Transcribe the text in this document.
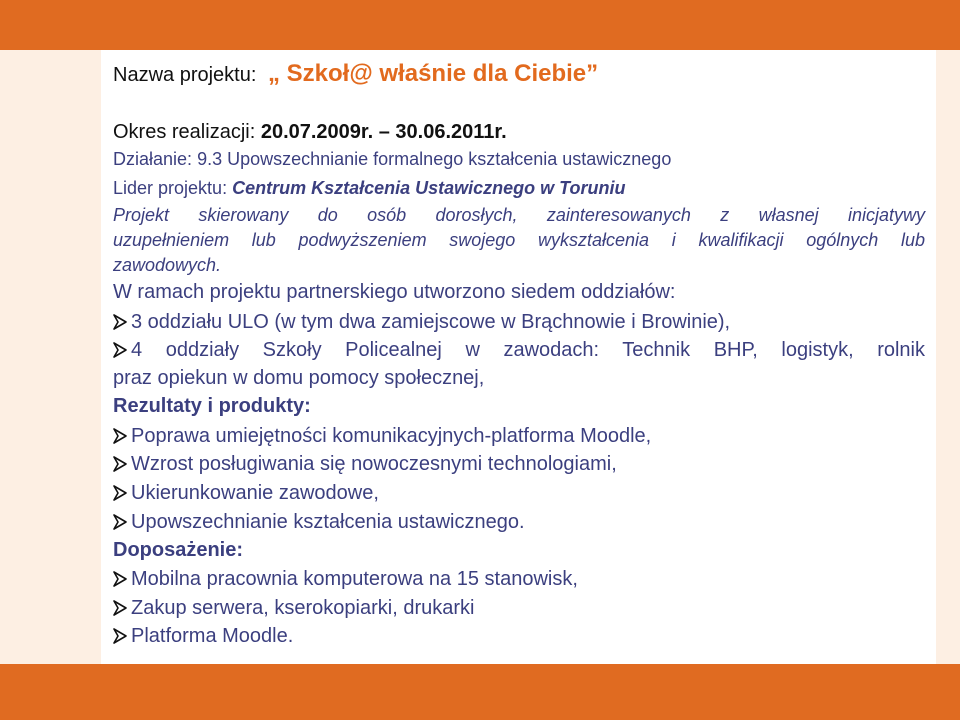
Nazwa projektu: „ Szkoł@ właśnie dla Ciebie”
Okres realizacji: 20.07.2009r. – 30.06.2011r.
Działanie: 9.3 Upowszechnianie formalnego kształcenia ustawicznego
Lider projektu: Centrum Kształcenia Ustawicznego w Toruniu
Projekt skierowany do osób dorosłych, zainteresowanych z własnej inicjatywy
uzupełnieniem lub podwyższeniem swojego wykształcenia i kwalifikacji ogólnych lub
zawodowych.
W ramach projektu partnerskiego utworzono siedem oddziałów:
3 oddziału ULO (w tym dwa zamiejscowe w Brąchnowie i Browinie),
4 oddziały Szkoły Policealnej w zawodach: Technik BHP, logistyk, rolnik
praz opiekun w domu pomocy społecznej,
Rezultaty i produkty:
Poprawa umiejętności komunikacyjnych-platforma Moodle,
Wzrost posługiwania się nowoczesnymi technologiami,
Ukierunkowanie zawodowe,
Upowszechnianie kształcenia ustawicznego.
Doposażenie:
Mobilna pracownia komputerowa na 15 stanowisk,
Zakup serwera, kserokopiarki, drukarki
Platforma Moodle.
